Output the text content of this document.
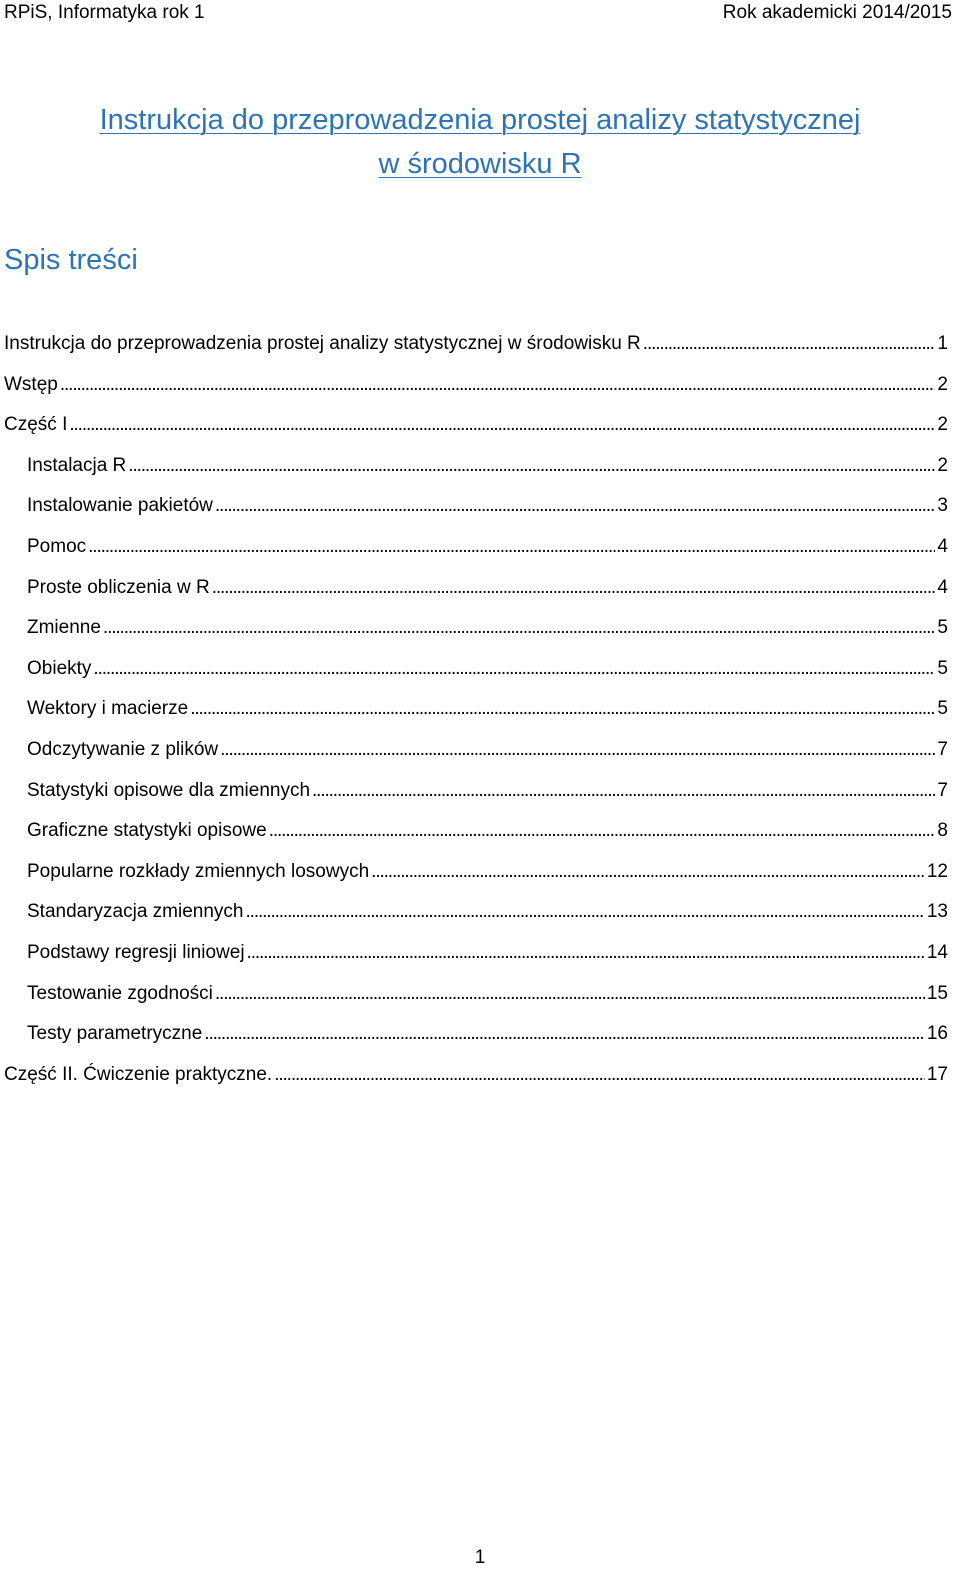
RPiS, Informatyka rok 1	Rok akademicki 2014/2015
Instrukcja do przeprowadzenia prostej analizy statystycznej
w środowisku R
Spis treści
Instrukcja do przeprowadzenia prostej analizy statystycznej w środowisku R . . .	1
Wstęp . . .	2
Część I . . .	2
Instalacja R . . .	2
Instalowanie pakietów . . .	3
Pomoc . . .	4
Proste obliczenia w R . . .	4
Zmienne . . .	5
Obiekty . . .	5
Wektory i macierze . . .	5
Odczytywanie z plików . . .	7
Statystyki opisowe dla zmiennych . . .	7
Graficzne statystyki opisowe . . .	8
Popularne rozkłady zmiennych losowych . . .	12
Standaryzacja zmiennych . . .	13
Podstawy regresji liniowej . . .	14
Testowanie zgodności . . .	15
Testy parametryczne . . .	16
Część II. Ćwiczenie praktyczne. . . .	17
1
